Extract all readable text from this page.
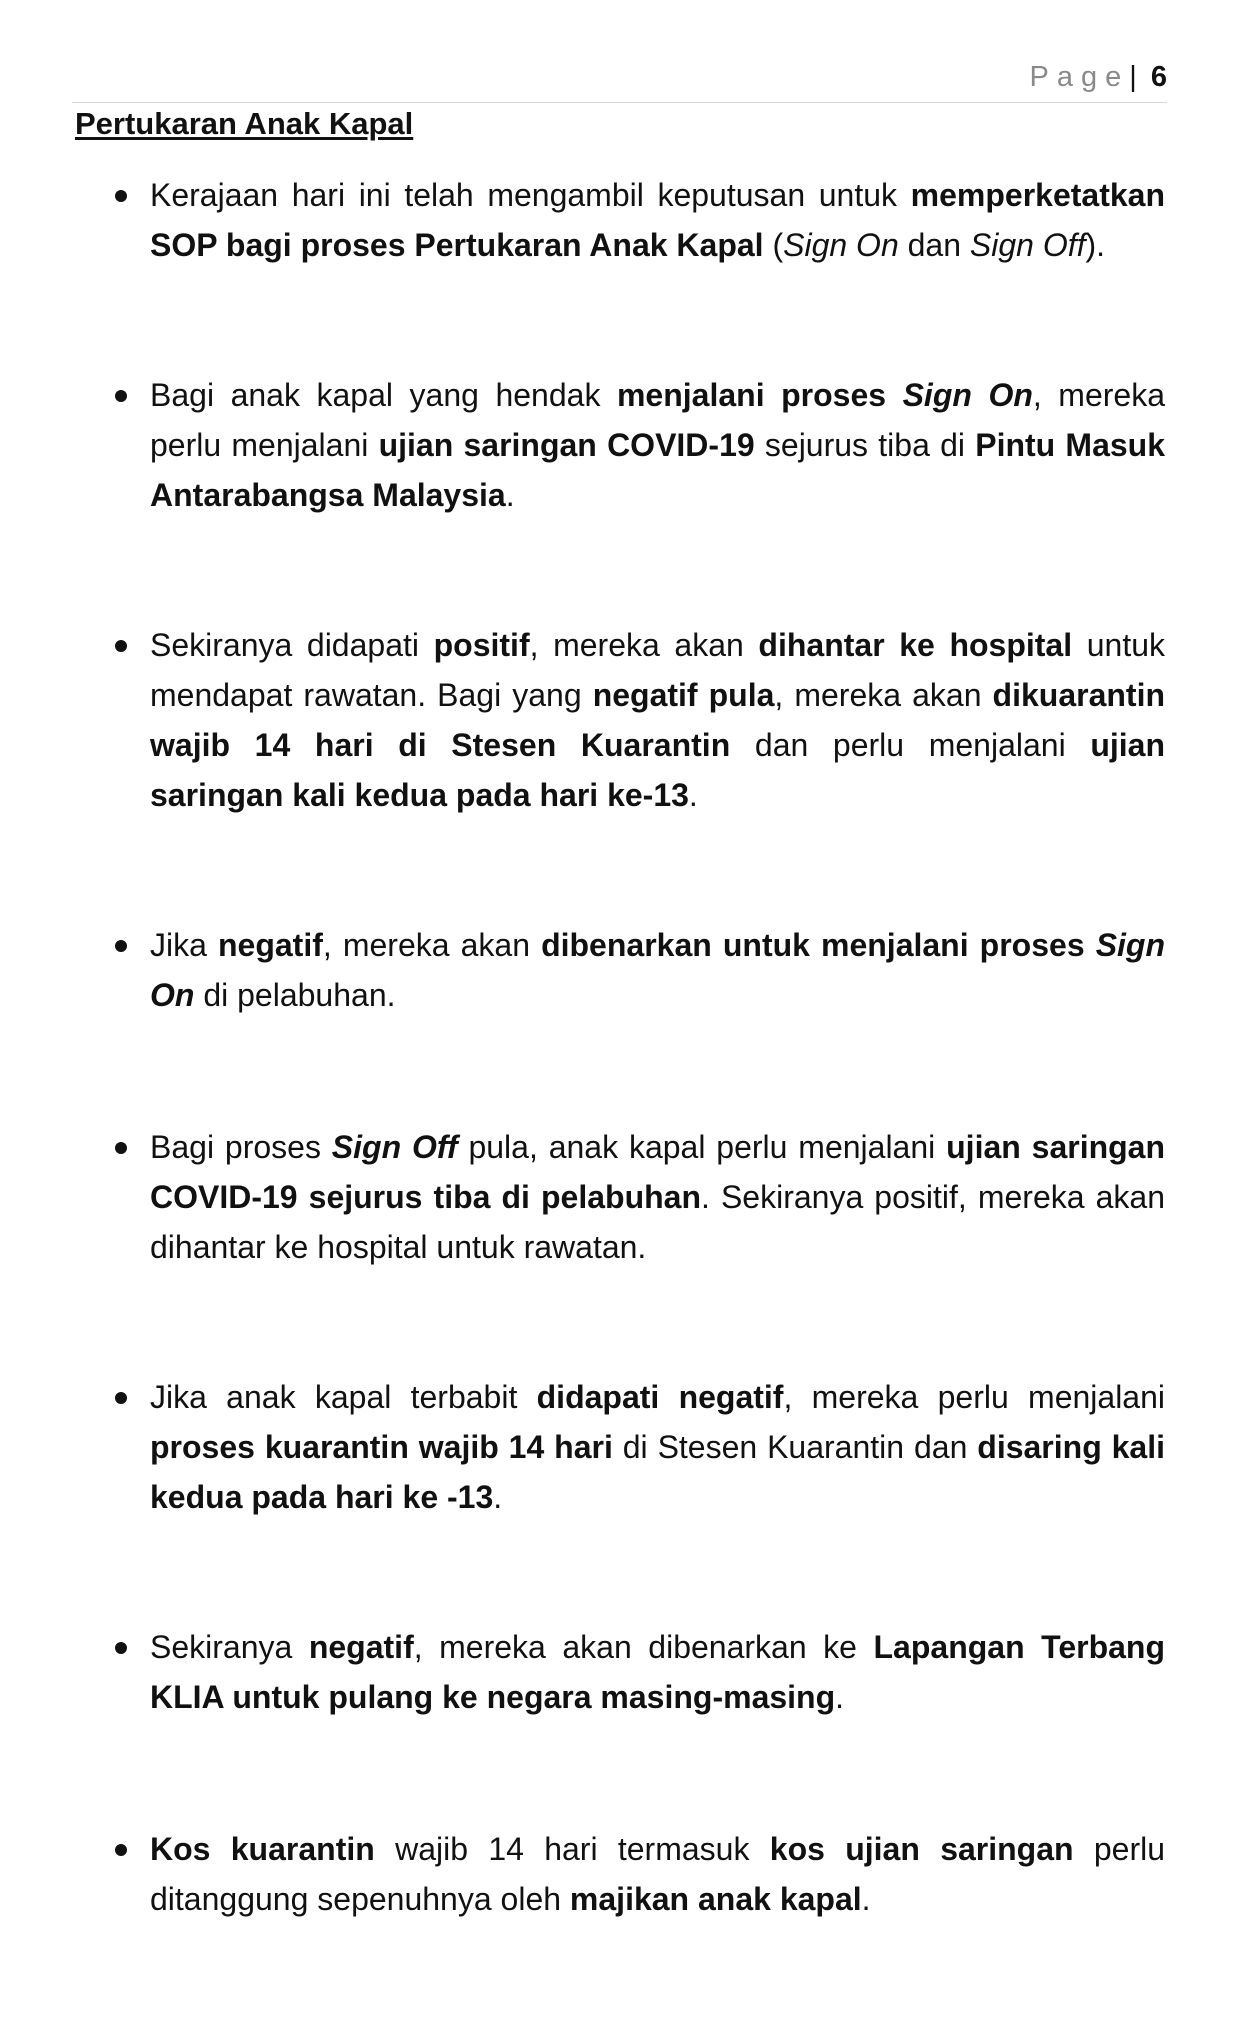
Page| 6
Pertukaran Anak Kapal
Kerajaan hari ini telah mengambil keputusan untuk memperketatkan SOP bagi proses Pertukaran Anak Kapal (Sign On dan Sign Off).
Bagi anak kapal yang hendak menjalani proses Sign On, mereka perlu menjalani ujian saringan COVID-19 sejurus tiba di Pintu Masuk Antarabangsa Malaysia.
Sekiranya didapati positif, mereka akan dihantar ke hospital untuk mendapat rawatan. Bagi yang negatif pula, mereka akan dikuarantin wajib 14 hari di Stesen Kuarantin dan perlu menjalani ujian saringan kali kedua pada hari ke-13.
Jika negatif, mereka akan dibenarkan untuk menjalani proses Sign On di pelabuhan.
Bagi proses Sign Off pula, anak kapal perlu menjalani ujian saringan COVID-19 sejurus tiba di pelabuhan. Sekiranya positif, mereka akan dihantar ke hospital untuk rawatan.
Jika anak kapal terbabit didapati negatif, mereka perlu menjalani proses kuarantin wajib 14 hari di Stesen Kuarantin dan disaring kali kedua pada hari ke -13.
Sekiranya negatif, mereka akan dibenarkan ke Lapangan Terbang KLIA untuk pulang ke negara masing-masing.
Kos kuarantin wajib 14 hari termasuk kos ujian saringan perlu ditanggung sepenuhnya oleh majikan anak kapal.
